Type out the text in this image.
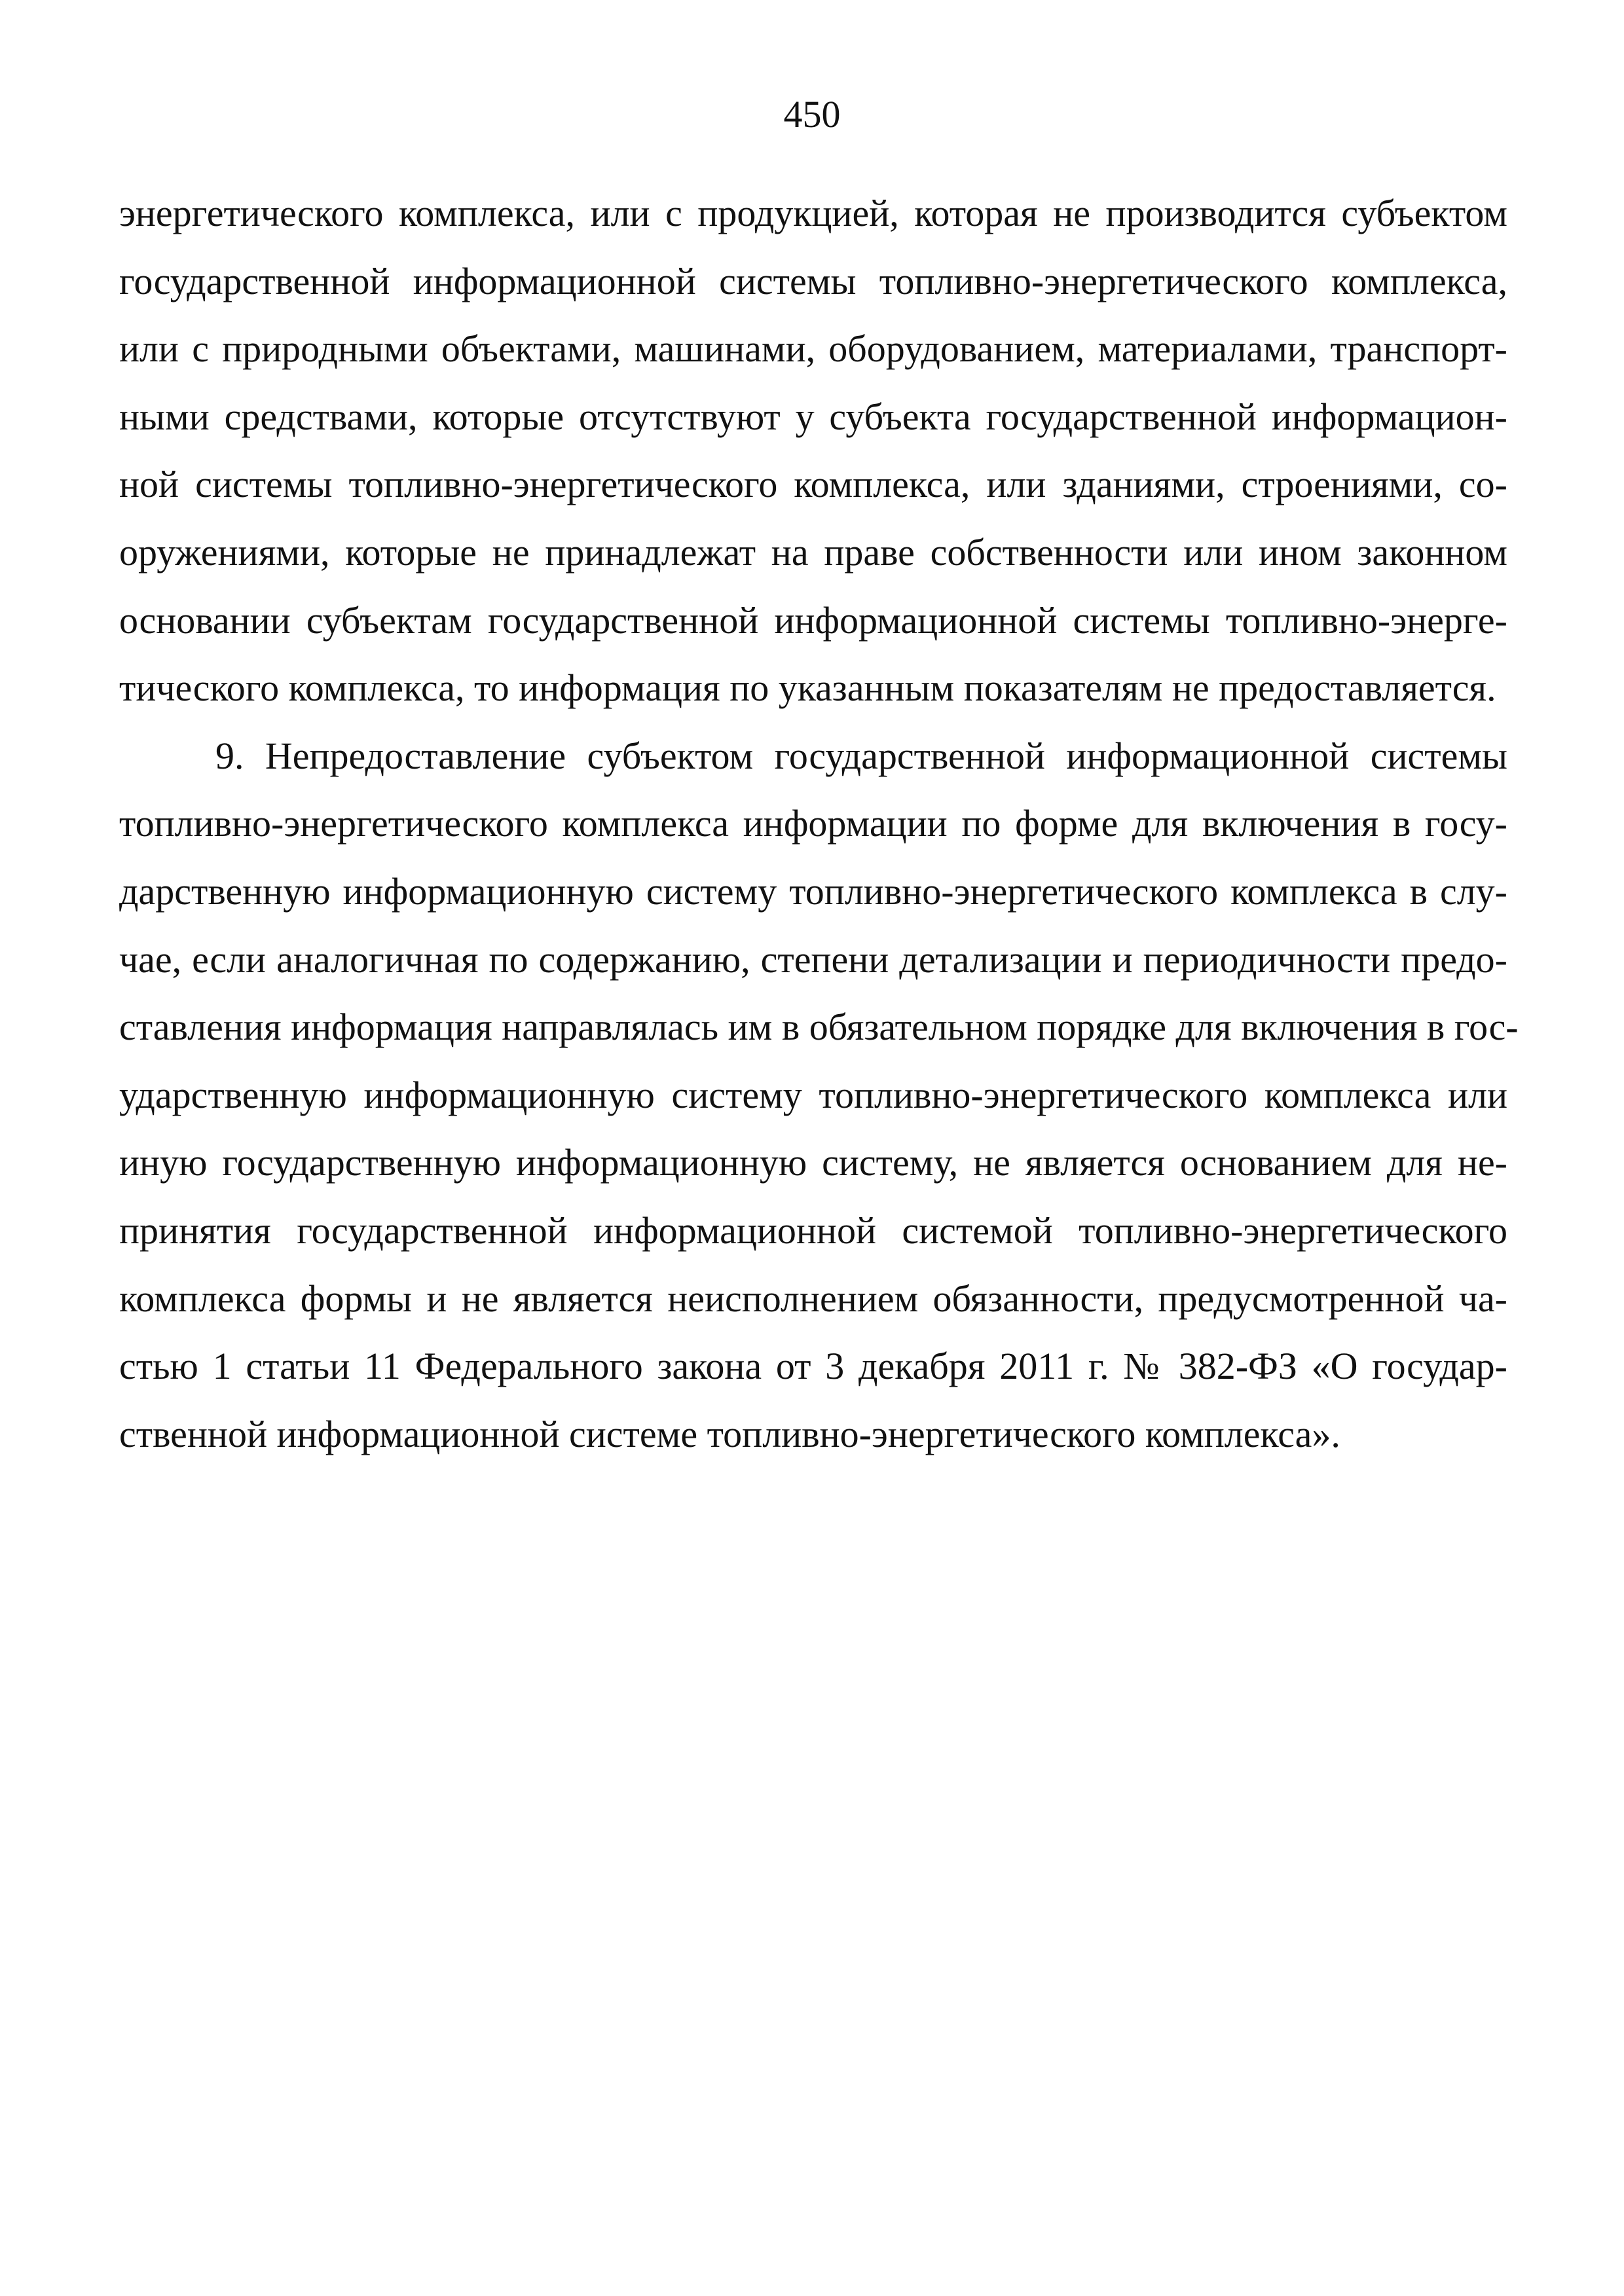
450
энергетического комплекса, или с продукцией, которая не производится субъектом
государственной информационной системы топливно-энергетического комплекса,
или с природными объектами, машинами, оборудованием, материалами, транспорт-
ными средствами, которые отсутствуют у субъекта государственной информацион-
ной системы топливно-энергетического комплекса, или зданиями, строениями, со-
оружениями, которые не принадлежат на праве собственности или ином законном
основании субъектам государственной информационной системы топливно-энерге-
тического комплекса, то информация по указанным показателям не предоставляется.
9. Непредоставление субъектом государственной информационной системы
топливно-энергетического комплекса информации по форме для включения в госу-
дарственную информационную систему топливно-энергетического комплекса в слу-
чае, если аналогичная по содержанию, степени детализации и периодичности предо-
ставления информация направлялась им в обязательном порядке для включения в гос-
ударственную информационную систему топливно-энергетического комплекса или
иную государственную информационную систему, не является основанием для не-
принятия государственной информационной системой топливно-энергетического
комплекса формы и не является неисполнением обязанности, предусмотренной ча-
стью 1 статьи 11 Федерального закона от 3 декабря 2011 г. № 382-ФЗ «О государ-
ственной информационной системе топливно-энергетического комплекса».
